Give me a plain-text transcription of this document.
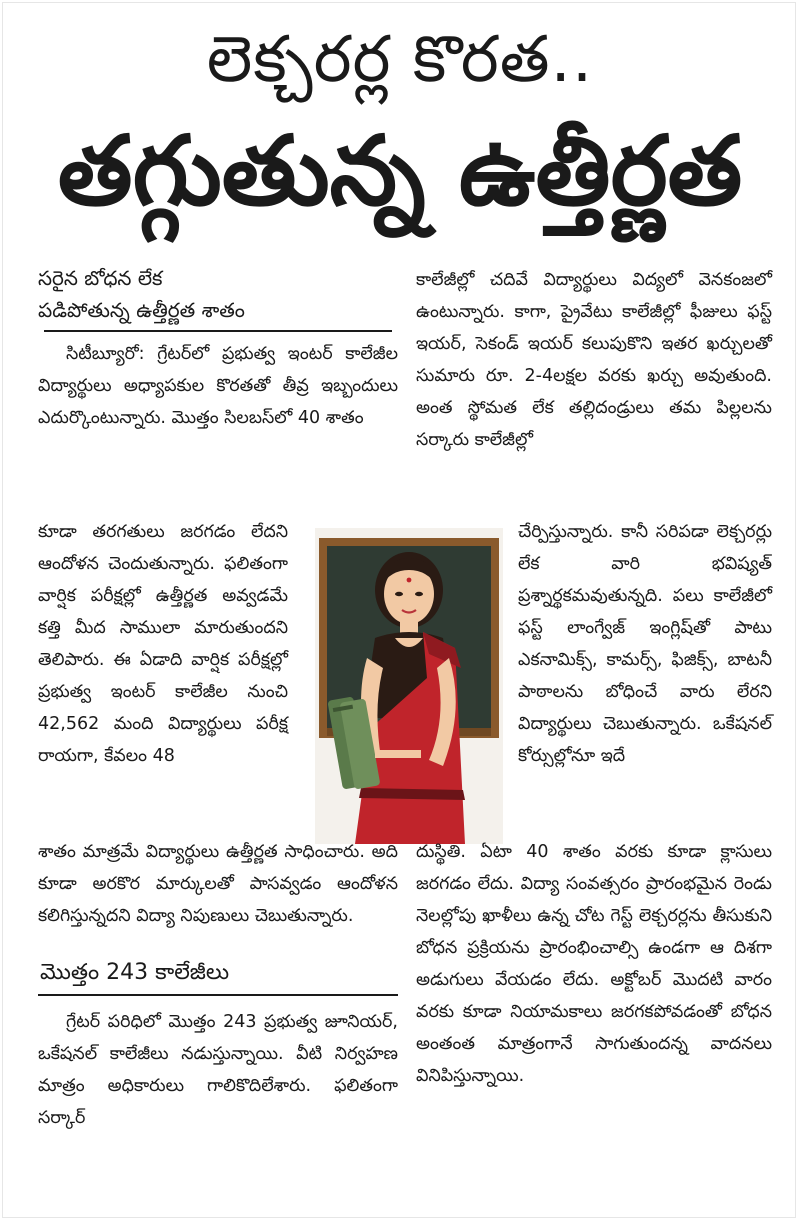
లెక్చరర్ల కొరత..
తగ్గుతున్న ఉత్తీర్ణత

సరైన బోధన లేక

పడిపోతున్న ఉత్తీర్ణత శాతం

సిటీబ్యూరో: గ్రేటర్‌లో ప్రభుత్వ ఇంటర్ కాలేజీల విద్యార్థులు అధ్యాపకుల కొరతతో తీవ్ర ఇబ్బందులు ఎదుర్కొంటున్నారు. మొత్తం సిలబస్‌లో 40 శాతం

కూడా తరగతులు జరగడం లేదని ఆందోళన చెందుతున్నారు. ఫలితంగా వార్షిక పరీక్షల్లో ఉత్తీర్ణత అవ్వడమే కత్తి మీద సాములా మారుతుందని తెలిపారు. ఈ ఏడాది వార్షిక పరీక్షల్లో ప్రభుత్వ ఇంటర్ కాలేజీల నుంచి 42,562 మంది విద్యార్థులు పరీక్ష రాయగా, కేవలం 48

కాలేజీల్లో చదివే విద్యార్థులు విద్యలో వెనకంజలో ఉంటున్నారు. కాగా, ప్రైవేటు కాలేజీల్లో ఫీజులు ఫస్ట్ ఇయర్, సెకండ్ ఇయర్ కలుపుకొని ఇతర ఖర్చులతో సుమారు రూ. 2-4లక్షల వరకు ఖర్చు అవుతుంది. అంత స్థోమత లేక తల్లిదండ్రులు తమ పిల్లలను సర్కారు కాలేజీల్లో

చేర్పిస్తున్నారు. కానీ సరిపడా లెక్చరర్లు లేక వారి భవిష్యత్ ప్రశ్నార్థకమవుతున్నది. పలు కాలేజీలో ఫస్ట్ లాంగ్వేజ్ ఇంగ్లిష్‌తో పాటు ఎకనామిక్స్, కామర్స్, ఫిజిక్స్, బాటనీ పాఠాలను బోధించే వారు లేరని విద్యార్థులు చెబుతున్నారు. ఒకేషనల్ కోర్సుల్లోనూ ఇదే

శాతం మాత్రమే విద్యార్థులు ఉత్తీర్ణత సాధించారు. అది కూడా అరకొర మార్కులతో పాసవ్వడం ఆందోళన కలిగిస్తున్నదని విద్యా నిపుణులు చెబుతున్నారు.

మొత్తం 243 కాలేజీలు

గ్రేటర్ పరిధిలో మొత్తం 243 ప్రభుత్వ జూనియర్, ఒకేషనల్ కాలేజీలు నడుస్తున్నాయి. వీటి నిర్వహణ మాత్రం అధికారులు గాలికొదిలేశారు. ఫలితంగా సర్కార్

దుస్థితి. ఏటా 40 శాతం వరకు కూడా క్లాసులు జరగడం లేదు. విద్యా సంవత్సరం ప్రారంభమైన రెండు నెలల్లోపు ఖాళీలు ఉన్న చోట గెస్ట్ లెక్చరర్లను తీసుకుని బోధన ప్రక్రియను ప్రారంభించాల్సి ఉండగా ఆ దిశగా అడుగులు వేయడం లేదు. అక్టోబర్ మొదటి వారం వరకు కూడా నియామకాలు జరగకపోవడంతో బోధన అంతంత మాత్రంగానే సాగుతుందన్న వాదనలు వినిపిస్తున్నాయి.
